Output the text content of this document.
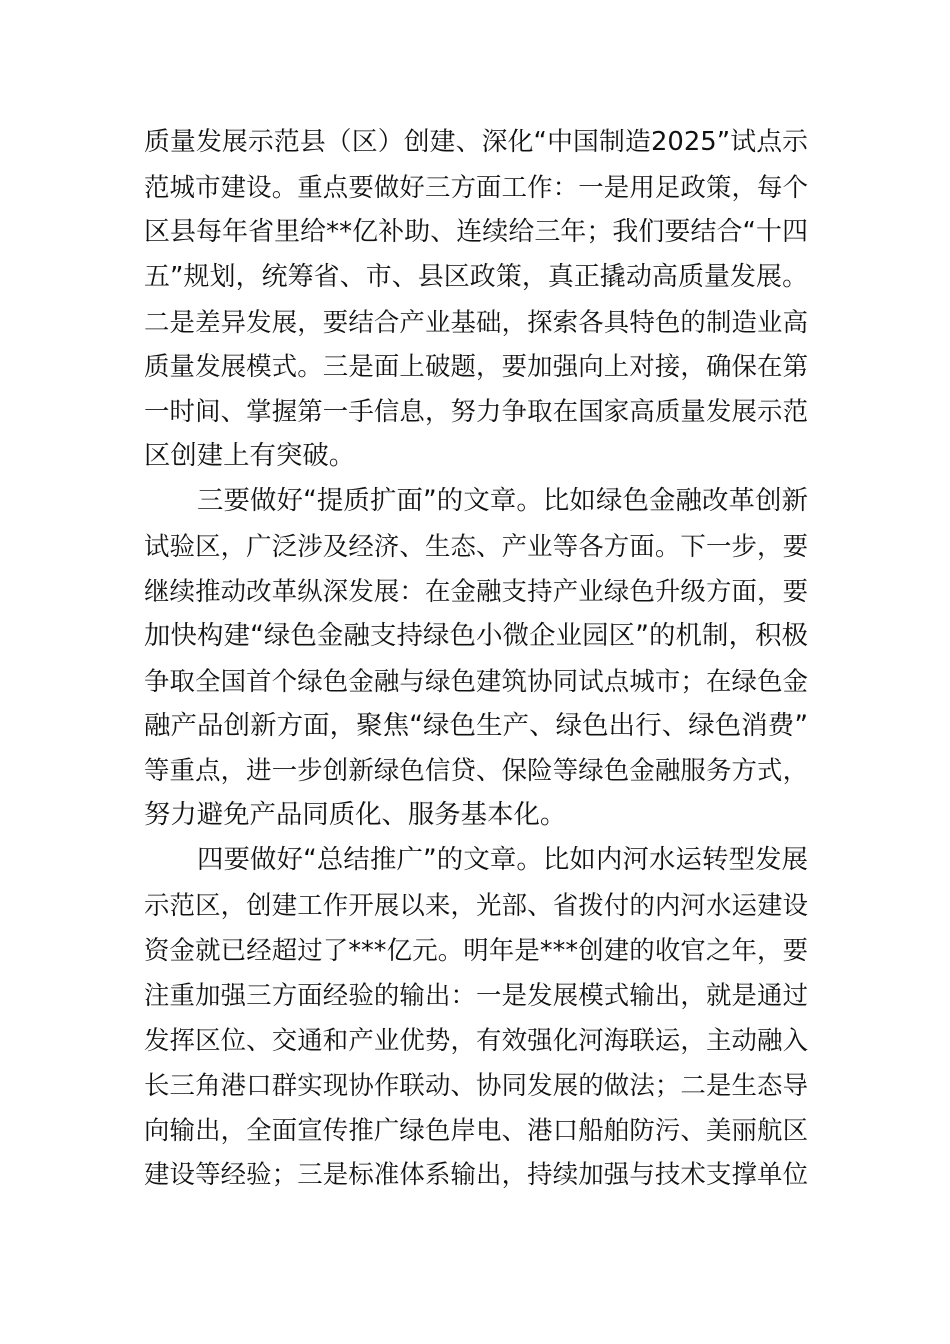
质量发展示范县（区）创建、深化“中国制造2025”试点示
范城市建设。重点要做好三方面工作：一是用足政策，每个
区县每年省里给**亿补助、连续给三年；我们要结合“十四
五”规划，统筹省、市、县区政策，真正撬动高质量发展。
二是差异发展，要结合产业基础，探索各具特色的制造业高
质量发展模式。三是面上破题，要加强向上对接，确保在第
一时间、掌握第一手信息，努力争取在国家高质量发展示范
区创建上有突破。
三要做好“提质扩面”的文章。比如绿色金融改革创新
试验区，广泛涉及经济、生态、产业等各方面。下一步，要
继续推动改革纵深发展：在金融支持产业绿色升级方面，要
加快构建“绿色金融支持绿色小微企业园区”的机制，积极
争取全国首个绿色金融与绿色建筑协同试点城市；在绿色金
融产品创新方面，聚焦“绿色生产、绿色出行、绿色消费”
等重点，进一步创新绿色信贷、保险等绿色金融服务方式，
努力避免产品同质化、服务基本化。
四要做好“总结推广”的文章。比如内河水运转型发展
示范区，创建工作开展以来，光部、省拨付的内河水运建设
资金就已经超过了***亿元。明年是***创建的收官之年，要
注重加强三方面经验的输出：一是发展模式输出，就是通过
发挥区位、交通和产业优势，有效强化河海联运，主动融入
长三角港口群实现协作联动、协同发展的做法；二是生态导
向输出，全面宣传推广绿色岸电、港口船舶防污、美丽航区
建设等经验；三是标准体系输出，持续加强与技术支撑单位
